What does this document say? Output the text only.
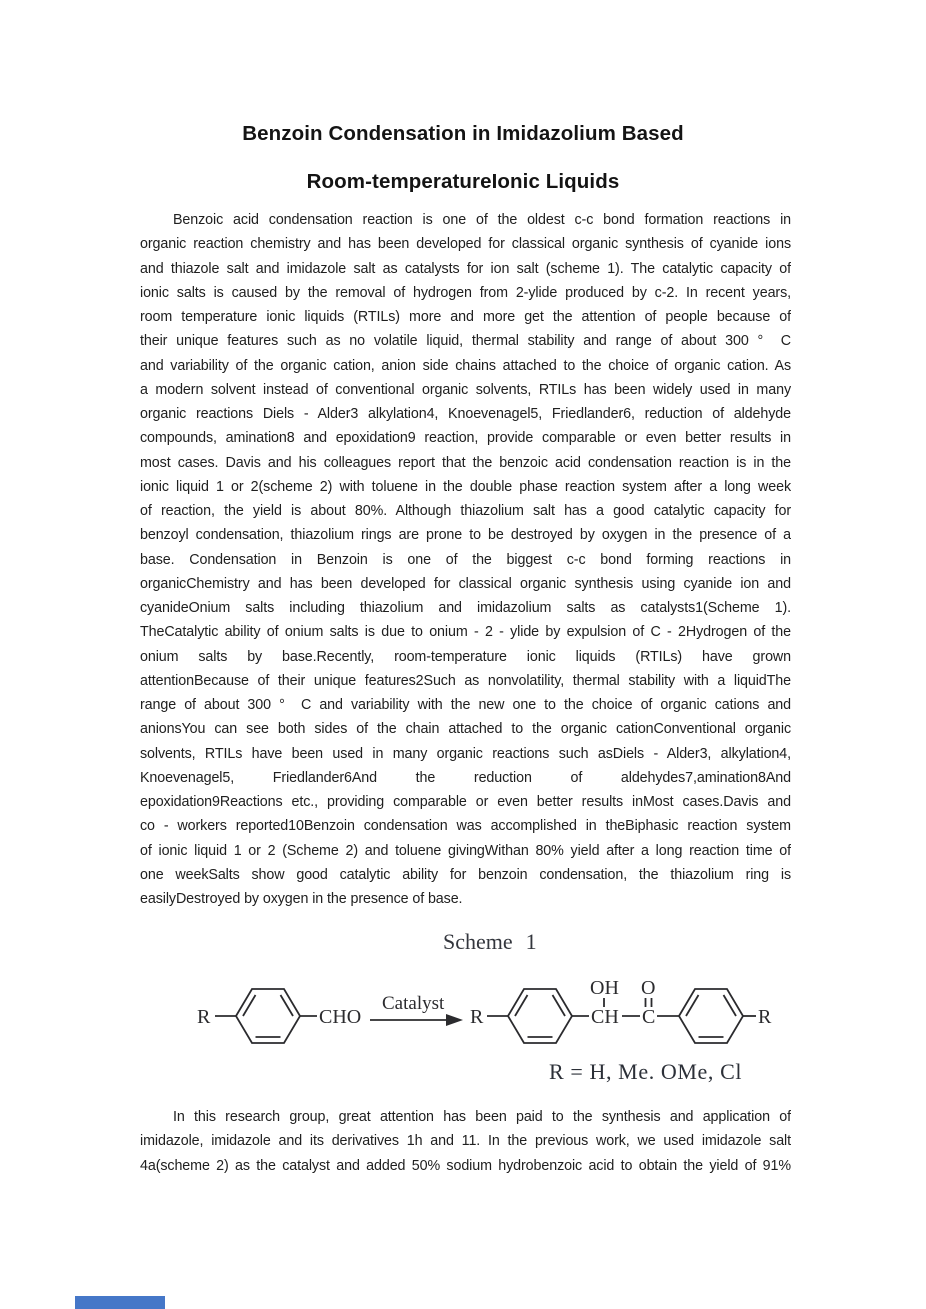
Benzoin Condensation in Imidazolium Based
Room-temperatureIonic Liquids
Benzoic acid condensation reaction is one of the oldest c-c bond formation reactions in
organic reaction chemistry and has been developed for classical organic synthesis of cyanide ions
and thiazole salt and imidazole salt as catalysts for ion salt (scheme 1). The catalytic capacity of
ionic salts is caused by the removal of hydrogen from 2-ylide produced by c-2. In recent years,
room temperature ionic liquids (RTILs) more and more get the attention of people because of
their unique features such as no volatile liquid, thermal stability and range of about 300 °  C
and variability of the organic cation, anion side chains attached to the choice of organic cation. As
a modern solvent instead of conventional organic solvents, RTILs has been widely used in many
organic reactions Diels - Alder3 alkylation4, Knoevenagel5, Friedlander6, reduction of aldehyde
compounds, amination8 and epoxidation9 reaction, provide comparable or even better results in
most cases. Davis and his colleagues report that the benzoic acid condensation reaction is in the
ionic liquid 1 or 2(scheme 2) with toluene in the double phase reaction system after a long week
of reaction, the yield is about 80%. Although thiazolium salt has a good catalytic capacity for
benzoyl condensation, thiazolium rings are prone to be destroyed by oxygen in the presence of a
base. Condensation in Benzoin is one of the biggest c-c bond forming reactions in
organicChemistry and has been developed for classical organic synthesis using cyanide ion and
cyanideOnium salts including thiazolium and imidazolium salts as catalysts1(Scheme 1).
TheCatalytic ability of onium salts is due to onium - 2 - ylide by expulsion of C - 2Hydrogen of the
onium salts by base.Recently, room-temperature ionic liquids (RTILs) have grown
attentionBecause of their unique features2Such as nonvolatility, thermal stability with a liquidThe
range of about 300 °  C and variability with the new one to the choice of organic cations and
anionsYou can see both sides of the chain attached to the organic cationConventional organic
solvents, RTILs have been used in many organic reactions such asDiels - Alder3, alkylation4,
Knoevenagel5, Friedlander6And the reduction of aldehydes7,amination8And
epoxidation9Reactions etc., providing comparable or even better results inMost cases.Davis and
co - workers reported10Benzoin condensation was accomplished in theBiphasic reaction system
of ionic liquid 1 or 2 (Scheme 2) and toluene givingWithan 80% yield after a long reaction time of
one weekSalts show good catalytic ability for benzoin condensation, the thiazolium ring is
easilyDestroyed by oxygen in the presence of base.
Scheme 1
R	CHO
Catalyst
R	CH
OH
C
O
R
R = H, Me. OMe, Cl
In this research group, great attention has been paid to the synthesis and application of
imidazole, imidazole and its derivatives 1h and 11. In the previous work, we used imidazole salt
4a(scheme 2) as the catalyst and added 50% sodium hydrobenzoic acid to obtain the yield of 91%
